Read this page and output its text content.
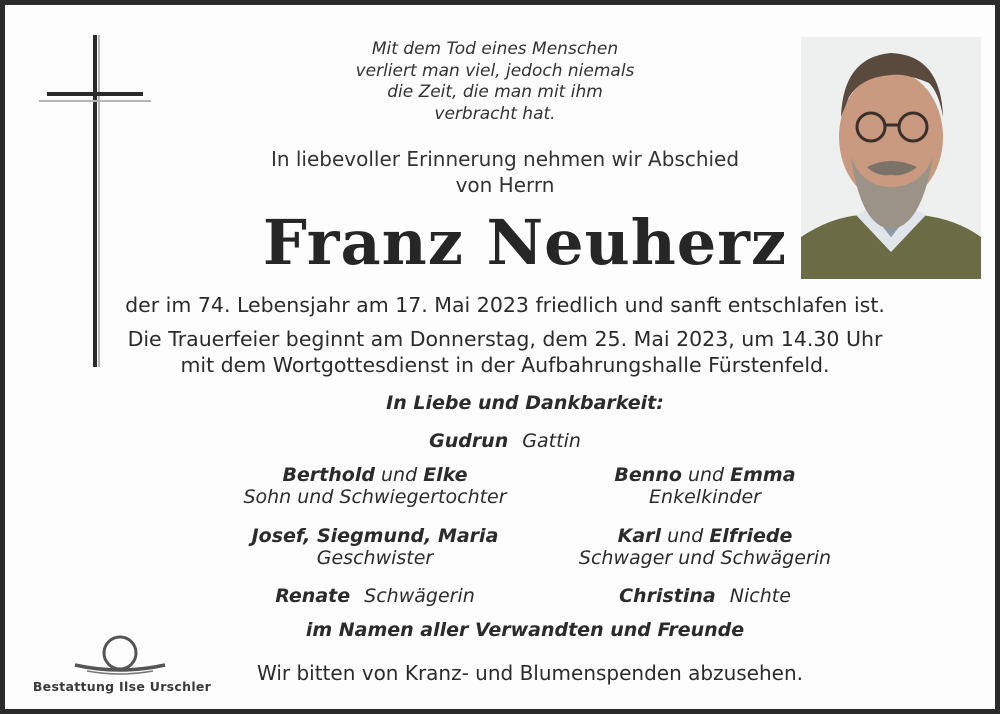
Mit dem Tod eines Menschen
verliert man viel, jedoch niemals
die Zeit, die man mit ihm
verbracht hat.
In liebevoller Erinnerung nehmen wir Abschied
von Herrn
Franz Neuherz
der im 74. Lebensjahr am 17. Mai 2023 friedlich und sanft entschlafen ist.
Die Trauerfeier beginnt am Donnerstag, dem 25. Mai 2023, um 14.30 Uhr
mit dem Wortgottesdienst in der Aufbahrungshalle Fürstenfeld.
In Liebe und Dankbarkeit:
Gudrun Gattin
Berthold und Elke
Sohn und Schwiegertochter
Benno und Emma
Enkelkinder
Josef, Siegmund, Maria
Geschwister
Karl und Elfriede
Schwager und Schwägerin
Renate Schwägerin	Christina Nichte
im Namen aller Verwandten und Freunde
Wir bitten von Kranz- und Blumenspenden abzusehen.
Bestattung Ilse Urschler
